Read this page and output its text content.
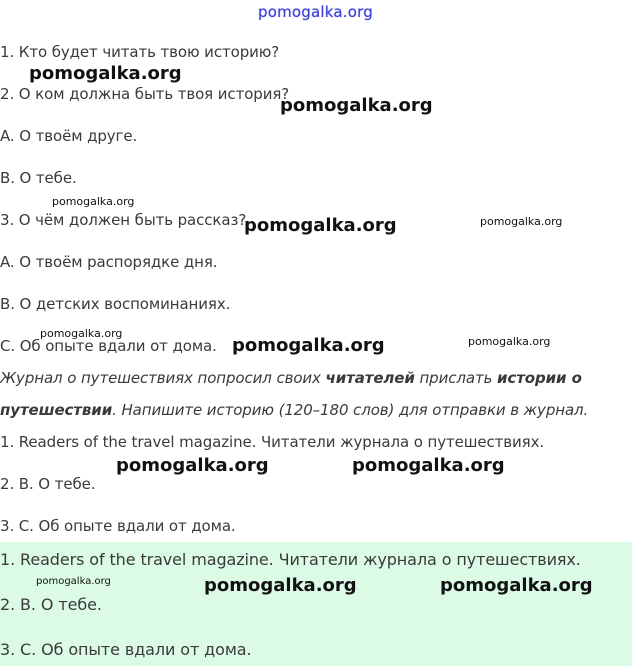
pomogalka.org
1. Кто будет читать твою историю?
2. О ком должна быть твоя история?
A. О твоём друге.
B. О тебе.
3. О чём должен быть рассказ?
A. О твоём распорядке дня.
B. О детских воспоминаниях.
C. Об опыте вдали от дома.
Журнал о путешествиях попросил своих читателей прислать истории о
путешествии. Напишите историю (120–180 слов) для отправки в журнал.
1. Readers of the travel magazine. Читатели журнала о путешествиях.
2. B. О тебе.
3. C. Об опыте вдали от дома.
1. Readers of the travel magazine. Читатели журнала о путешествиях.
2. B. О тебе.
3. C. Об опыте вдали от дома.
pomogalka.org
pomogalka.org
pomogalka.org
pomogalka.org	pomogalka.org
pomogalka.org
pomogalka.org	pomogalka.org
pomogalka.org	pomogalka.org
pomogalka.org	pomogalka.org	pomogalka.org
